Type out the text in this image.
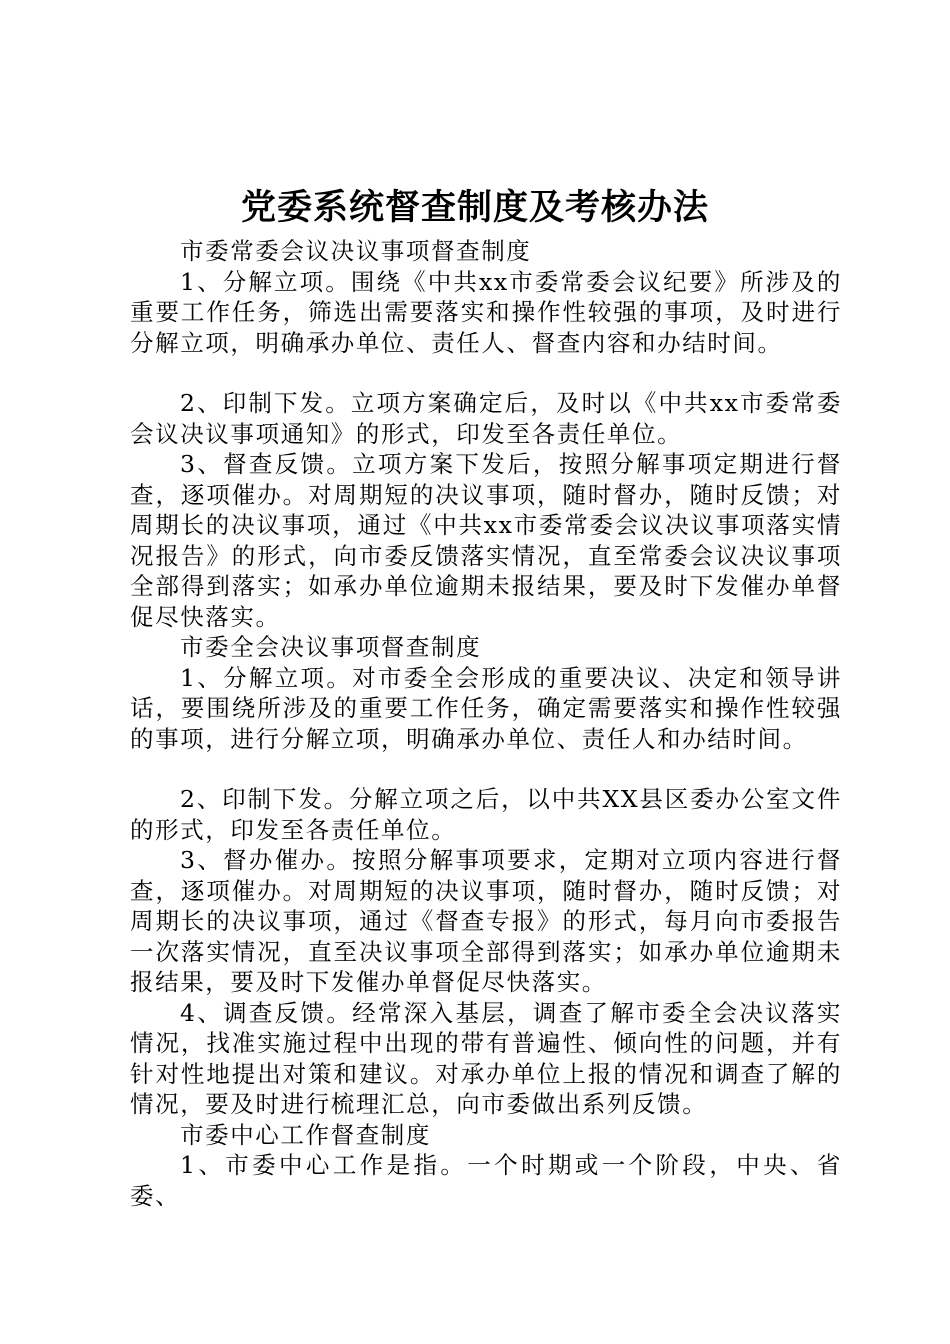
党委系统督查制度及考核办法

市委常委会议决议事项督查制度

1、分解立项。围绕《中共xx市委常委会议纪要》所涉及的重要工作任务，筛选出需要落实和操作性较强的事项，及时进行分解立项，明确承办单位、责任人、督查内容和办结时间。

2、印制下发。立项方案确定后，及时以《中共xx市委常委会议决议事项通知》的形式，印发至各责任单位。

3、督查反馈。立项方案下发后，按照分解事项定期进行督查，逐项催办。对周期短的决议事项，随时督办，随时反馈；对周期长的决议事项，通过《中共xx市委常委会议决议事项落实情况报告》的形式，向市委反馈落实情况，直至常委会议决议事项全部得到落实；如承办单位逾期未报结果，要及时下发催办单督促尽快落实。

市委全会决议事项督查制度

1、分解立项。对市委全会形成的重要决议、决定和领导讲话，要围绕所涉及的重要工作任务，确定需要落实和操作性较强的事项，进行分解立项，明确承办单位、责任人和办结时间。

2、印制下发。分解立项之后，以中共XX县区委办公室文件的形式，印发至各责任单位。

3、督办催办。按照分解事项要求，定期对立项内容进行督查，逐项催办。对周期短的决议事项，随时督办，随时反馈；对周期长的决议事项，通过《督查专报》的形式，每月向市委报告一次落实情况，直至决议事项全部得到落实；如承办单位逾期未报结果，要及时下发催办单督促尽快落实。

4、调查反馈。经常深入基层，调查了解市委全会决议落实情况，找准实施过程中出现的带有普遍性、倾向性的问题，并有针对性地提出对策和建议。对承办单位上报的情况和调查了解的情况，要及时进行梳理汇总，向市委做出系列反馈。

市委中心工作督查制度

1、市委中心工作是指。一个时期或一个阶段，中央、省委、
